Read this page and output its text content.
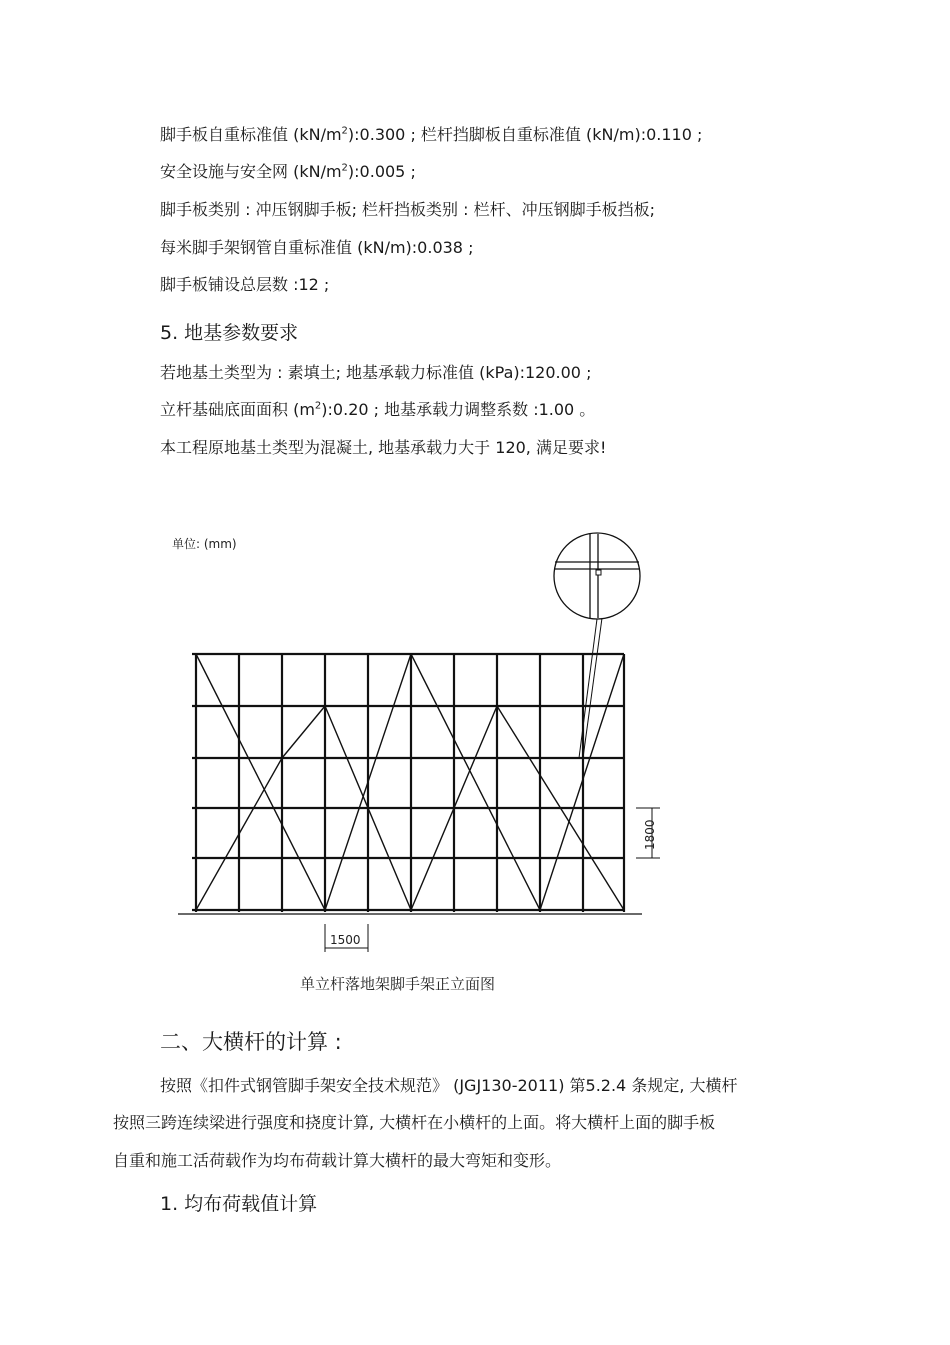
脚手板自重标准值 $(kN/m^2):0.300$ ; 栏杆挡脚板自重标准值 (kN/m):0.110 ;
安全设施与安全网 $(kN/m^2):0.005$ ;
脚手板类别 : 冲压钢脚手板; 栏杆挡板类别 : 栏杆、冲压钢脚手板挡板;
每米脚手架钢管自重标准值 (kN/m):0.038 ;
脚手板铺设总层数 :12 ;
5. 地基参数要求
若地基土类型为 : 素填土; 地基承载力标准值 (kPa):120.00 ;
立杆基础底面面积 $(m^2):0.20$ ; 地基承载力调整系数 :1.00 。
本工程原地基土类型为混凝土, 地基承载力大于 120, 满足要求!
单位: (mm)
1800
1500
单立杆落地架脚手架正立面图
二、大横杆的计算 :
按照《扣件式钢管脚手架安全技术规范》 (JGJ130-2011) 第5.2.4 条规定, 大横杆
按照三跨连续梁进行强度和挠度计算, 大横杆在小横杆的上面。将大横杆上面的脚手板
自重和施工活荷载作为均布荷载计算大横杆的最大弯矩和变形。
1. 均布荷载值计算
